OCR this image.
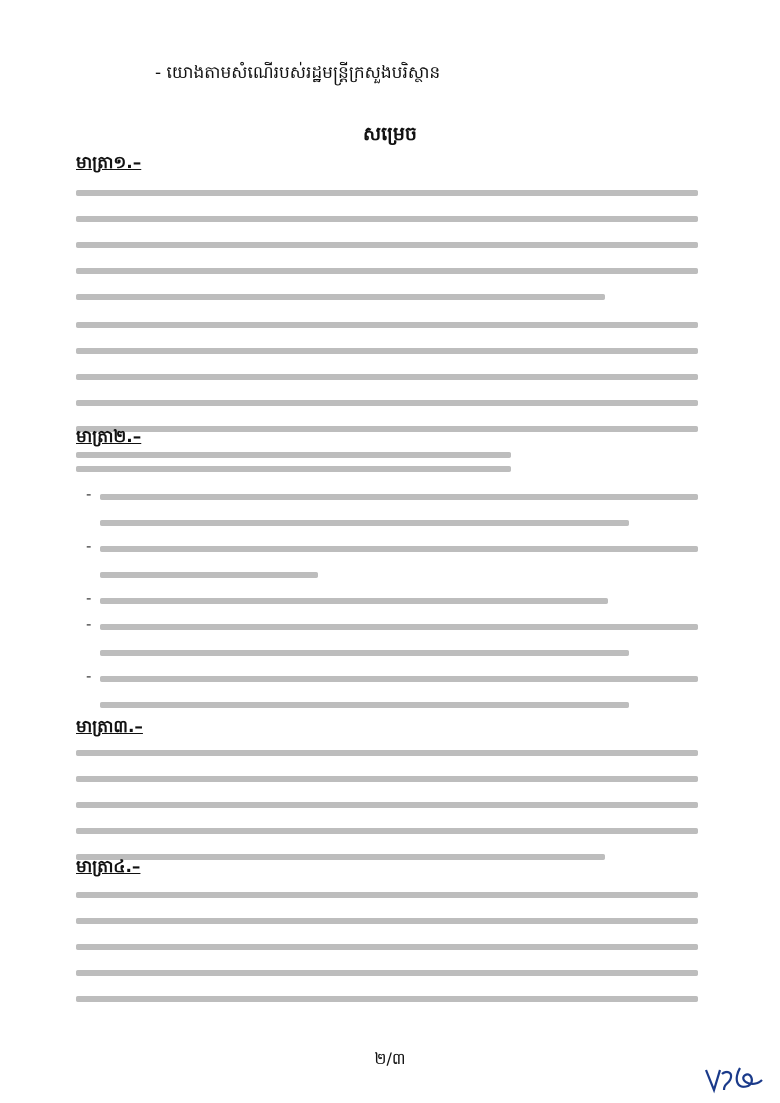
- យោងតាមសំណើរបស់រដ្ឋមន្ត្រីក្រសួងបរិស្ថាន
សម្រេច
មាត្រា១.–
មាត្រា២.–
-
-
-
-
-
មាត្រា៣.–
មាត្រា៤.–
២/៣
